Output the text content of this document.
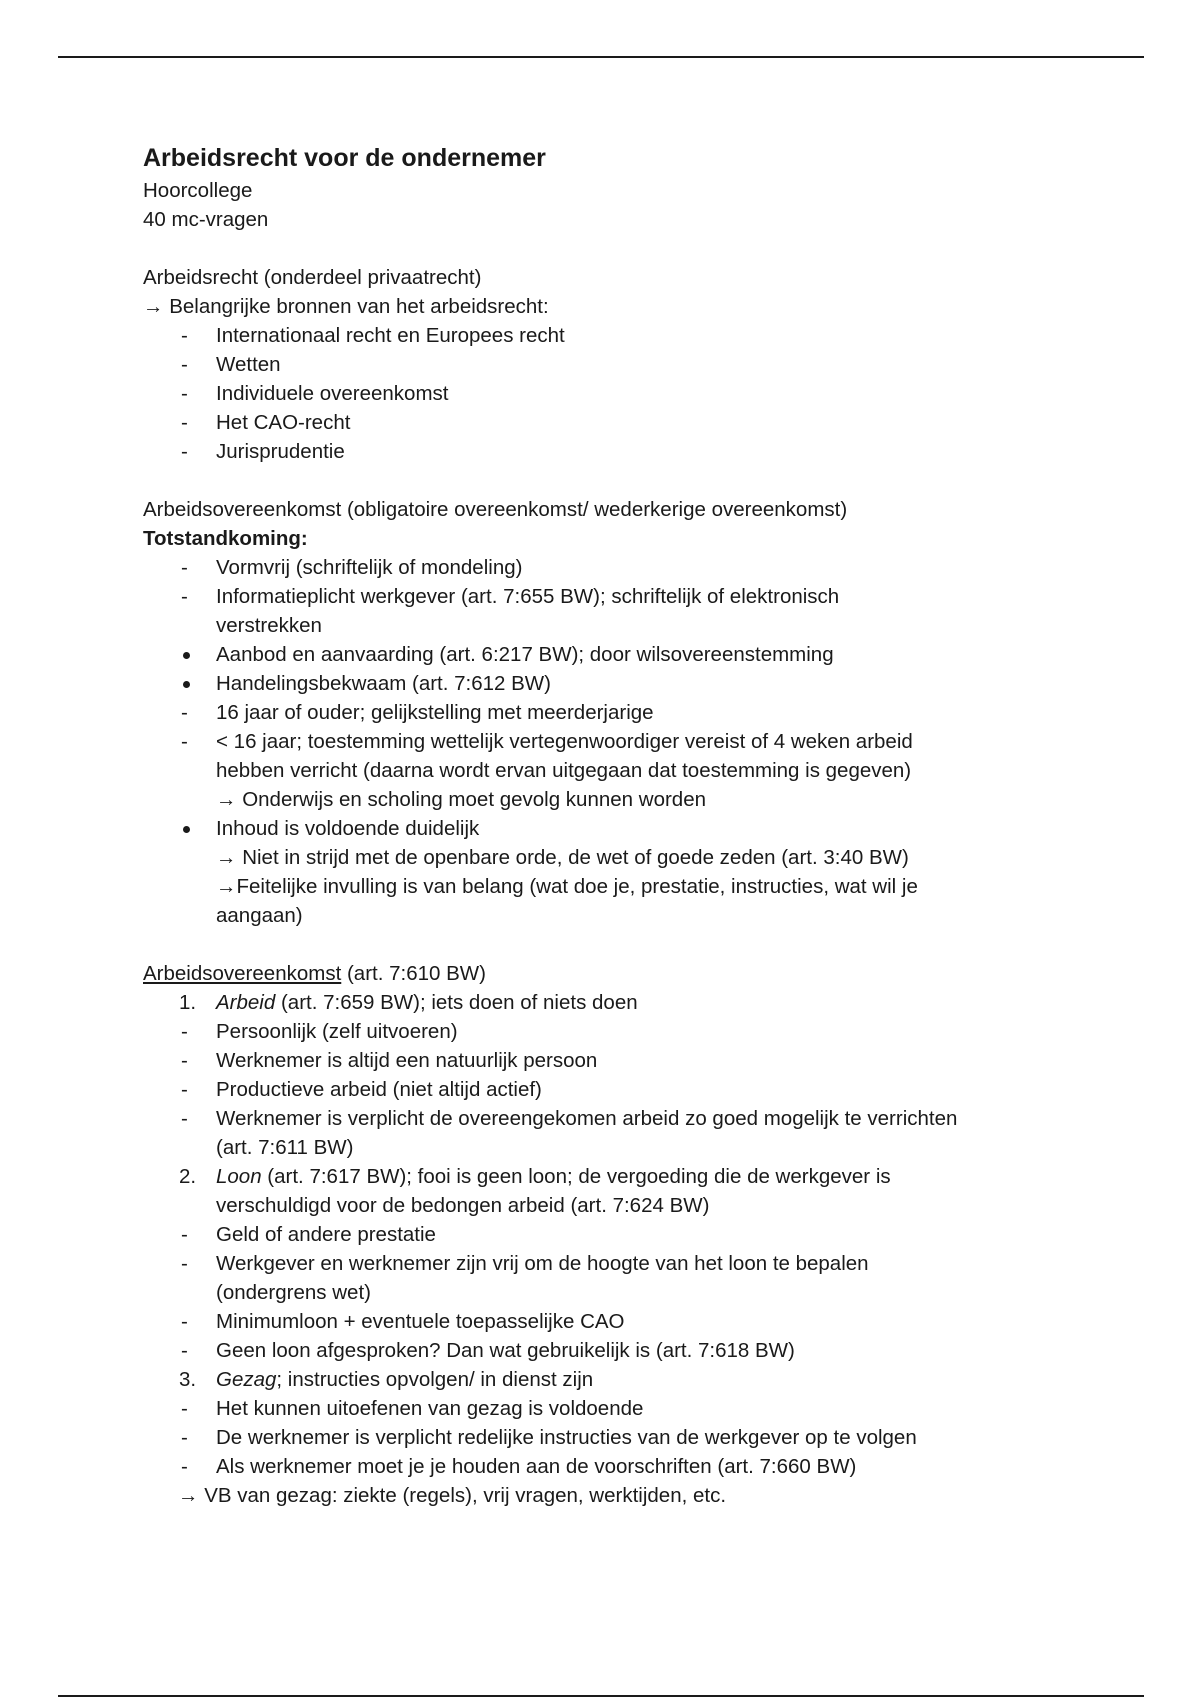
Arbeidsrecht voor de ondernemer
Hoorcollege
40 mc-vragen
Arbeidsrecht (onderdeel privaatrecht)
→ Belangrijke bronnen van het arbeidsrecht:
-
Internationaal recht en Europees recht
-
Wetten
-
Individuele overeenkomst
-
Het CAO-recht
-
Jurisprudentie
Arbeidsovereenkomst (obligatoire overeenkomst/ wederkerige overeenkomst)
Totstandkoming:
-
Vormvrij (schriftelijk of mondeling)
-
Informatieplicht werkgever (art. 7:655 BW); schriftelijk of elektronisch
verstrekken
Aanbod en aanvaarding (art. 6:217 BW); door wilsovereenstemming
Handelingsbekwaam (art. 7:612 BW)
-
16 jaar of ouder; gelijkstelling met meerderjarige
-
< 16 jaar; toestemming wettelijk vertegenwoordiger vereist of 4 weken arbeid
hebben verricht (daarna wordt ervan uitgegaan dat toestemming is gegeven)
→ Onderwijs en scholing moet gevolg kunnen worden
Inhoud is voldoende duidelijk
→ Niet in strijd met de openbare orde, de wet of goede zeden (art. 3:40 BW)
→Feitelijke invulling is van belang (wat doe je, prestatie, instructies, wat wil je
aangaan)
Arbeidsovereenkomst (art. 7:610 BW)
1. Arbeid (art. 7:659 BW); iets doen of niets doen
-
Persoonlijk (zelf uitvoeren)
-
Werknemer is altijd een natuurlijk persoon
-
Productieve arbeid (niet altijd actief)
-
Werknemer is verplicht de overeengekomen arbeid zo goed mogelijk te verrichten
(art. 7:611 BW)
2. Loon (art. 7:617 BW); fooi is geen loon; de vergoeding die de werkgever is
verschuldigd voor de bedongen arbeid (art. 7:624 BW)
-
Geld of andere prestatie
-
Werkgever en werknemer zijn vrij om de hoogte van het loon te bepalen
(ondergrens wet)
-
Minimumloon + eventuele toepasselijke CAO
-
Geen loon afgesproken? Dan wat gebruikelijk is (art. 7:618 BW)
3. Gezag; instructies opvolgen/ in dienst zijn
-
Het kunnen uitoefenen van gezag is voldoende
-
De werknemer is verplicht redelijke instructies van de werkgever op te volgen
-
Als werknemer moet je je houden aan de voorschriften (art. 7:660 BW)
→ VB van gezag: ziekte (regels), vrij vragen, werktijden, etc.
